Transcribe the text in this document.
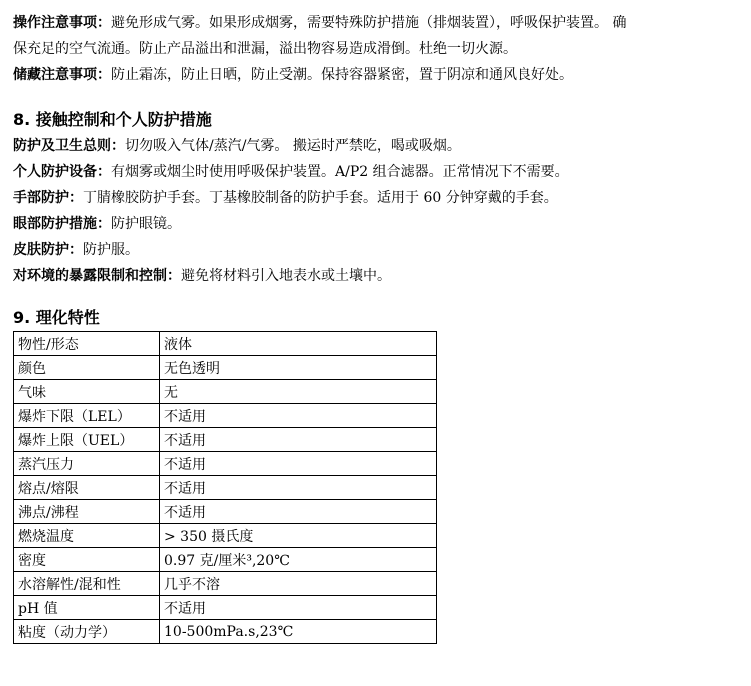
操作注意事项：避免形成气雾。如果形成烟雾，需要特殊防护措施（排烟装置），呼吸保护装置。 确

保充足的空气流通。防止产品溢出和泄漏，溢出物容易造成滑倒。杜绝一切火源。

储藏注意事项：防止霜冻，防止日晒，防止受潮。保持容器紧密，置于阴凉和通风良好处。

8. 接触控制和个人防护措施

防护及卫生总则：切勿吸入气体/蒸汽/气雾。 搬运时严禁吃，喝或吸烟。

个人防护设备：有烟雾或烟尘时使用呼吸保护装置。A/P2 组合滤器。正常情况下不需要。

手部防护：丁腈橡胶防护手套。丁基橡胶制备的防护手套。适用于 60 分钟穿戴的手套。

眼部防护措施：防护眼镜。

皮肤防护：防护服。

对环境的暴露限制和控制：避免将材料引入地表水或土壤中。

9. 理化特性
物性/形态	液体
颜色	无色透明
气味	无
爆炸下限（LEL）	不适用
爆炸上限（UEL）	不适用
蒸汽压力	不适用
熔点/熔限	不适用
沸点/沸程	不适用
燃烧温度	> 350 摄氏度
密度	0.97 克/厘米³,20℃
水溶解性/混和性	几乎不溶
pH 值	不适用
粘度（动力学）	10-500mPa.s,23℃
